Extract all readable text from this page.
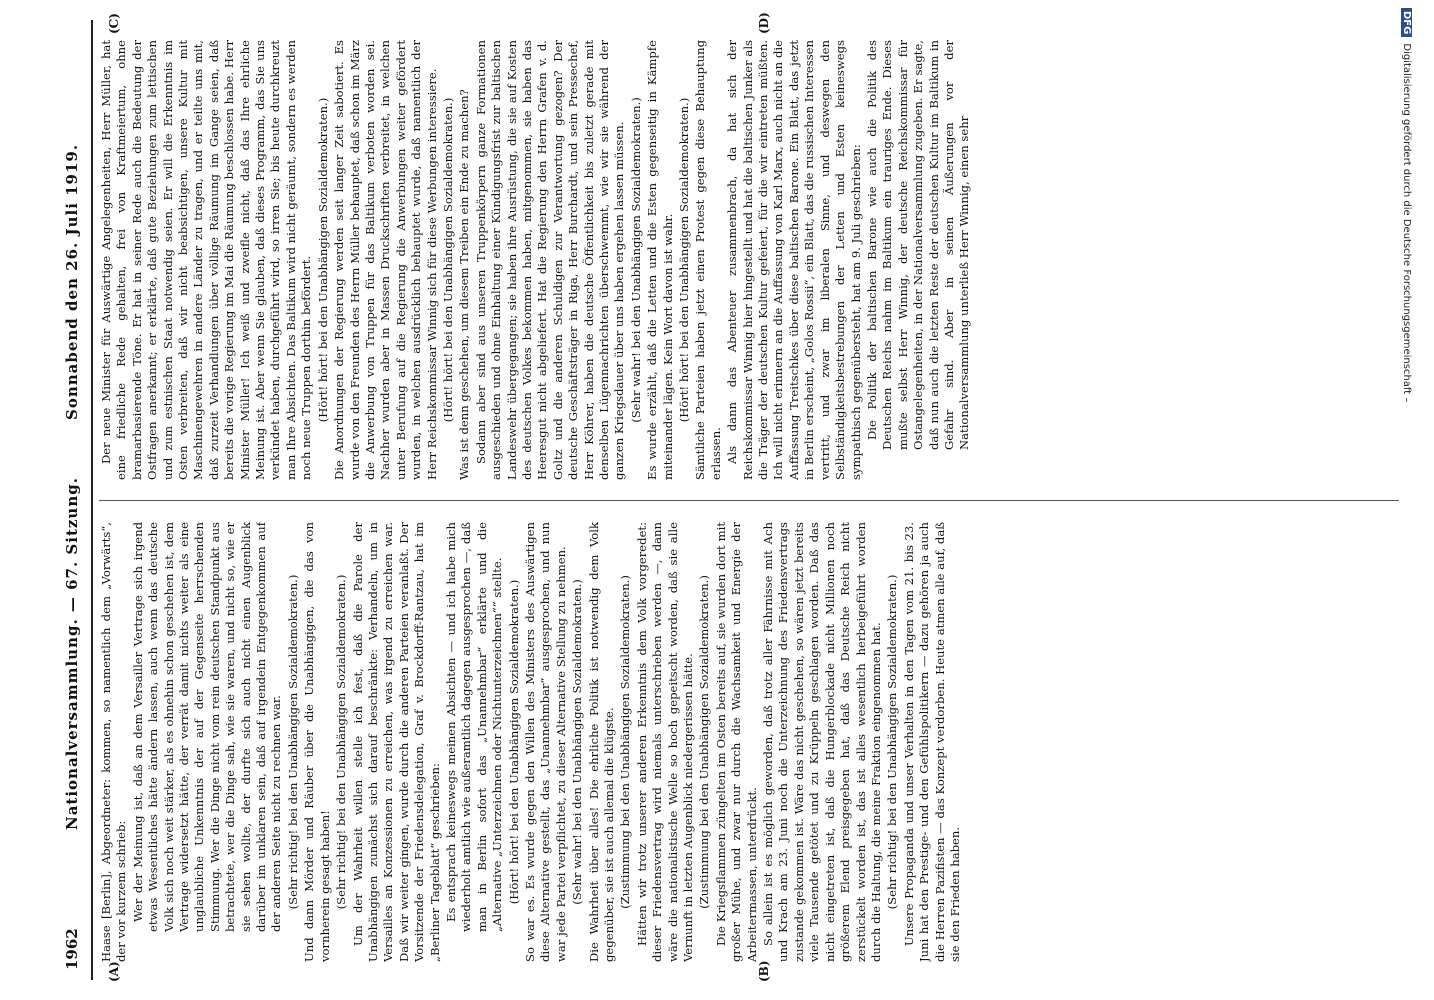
1962
Nationalversammlung. — 67. Sitzung.
Sonnabend den 26. Juli 1919.
(A)	(B)
(C)	(D)

Haase [Berlin], Abgeordneter: kommen, so namentlich dem „Vorwärts“, der vor kurzem schrieb: Wer der Meinung ist, daß an dem Versailler Vertrage sich irgend etwas Wesentliches hätte ändern lassen, auch wenn das deutsche Volk sich noch weit stärker, als es ohnehin schon geschehen ist, dem Vertrage widersetzt hätte, der verrät damit nichts weiter als eine unglaubliche Unkenntnis der auf der Gegenseite herrschenden Stimmung. Wer die Dinge nicht vom rein deutschen Standpunkt aus betrachtete, wer die Dinge sah, wie sie waren, und nicht so, wie er sie sehen wollte, der durfte sich auch nicht einen Augenblick darüber im unklaren sein, daß auf irgendein Entgegenkommen auf der anderen Seite nicht zu rechnen war. (Sehr richtig! bei den Unabhängigen Sozialdemokraten.) Und dann Mörder und Räuber über die Unabhängigen, die das von vornherein gesagt haben! (Sehr richtig! bei den Unabhängigen Sozialdemokraten.) Um der Wahrheit willen stelle ich fest, daß die Parole der Unabhängigen zunächst sich darauf beschränkte: Verhandeln, um in Versailles an Konzessionen zu erreichen, was irgend zu erreichen war. Daß wir weiter gingen, wurde durch die anderen Parteien veranlaßt. Der Vorsitzende der Friedensdelegation, Graf v. Brockdorff-Rantzau, hat im „Berliner Tageblatt“ geschrieben: Es entsprach keineswegs meinen Absichten — und ich habe mich wiederholt amtlich wie außeramtlich dagegen ausgesprochen —, daß man in Berlin sofort das „Unannehmbar“ erklärte und die „Alternative „Unterzeichnen oder Nichtunterzeichnen““ stellte. (Hört! hört! bei den Unabhängigen Sozialdemokraten.) So war es. Es wurde gegen den Willen des Ministers des Auswärtigen diese Alternative gestellt, das „Unannehmbar“ ausgesprochen, und nun war jede Partei verpflichtet, zu dieser Alternative Stellung zu nehmen. (Sehr wahr! bei den Unabhängigen Sozialdemokraten.) Die Wahrheit über alles! Die ehrliche Politik ist notwendig dem Volk gegenüber, sie ist auch allemal die klügste. (Zustimmung bei den Unabhängigen Sozialdemokraten.) Hätten wir trotz unserer anderen Erkenntnis dem Volk vorgeredet: dieser Friedensvertrag wird niemals unterschrieben werden —, dann wäre die nationalistische Welle so hoch gepeitscht worden, daß sie alle Vernunft in letzten Augenblick niedergerissen hätte. (Zustimmung bei den Unabhängigen Sozialdemokraten.) Die Kriegsflammen züngelten im Osten bereits auf, sie wurden dort mit großer Mühe, und zwar nur durch die Wachsamkeit und Energie der Arbeitermassen, unterdrückt. So allein ist es möglich geworden, daß trotz aller Fährnisse mit Ach und Krach am 23. Juni noch die Unterzeichnung des Friedensvertrags zustande gekommen ist. Wäre das nicht geschehen, so wären jetzt bereits viele Tausende getötet und zu Krüppeln geschlagen worden. Daß das nicht eingetreten ist, daß die Hungerblockade nicht Millionen noch größerem Elend preisgegeben hat, daß das Deutsche Reich nicht zerstückelt worden ist, das ist alles wesentlich herbeigeführt worden durch die Haltung, die meine Fraktion eingenommen hat. (Sehr richtig! bei den Unabhängigen Sozialdemokraten.) Unsere Propaganda und unser Verhalten in den Tagen vom 21. bis 23. Juni hat den Prestige- und den Gefühlspolitikern — dazu gehören ja auch die Herren Pazifisten — das Konzept verdorben. Heute atmen alle auf, daß sie den Frieden haben.

Der neue Minister für Auswärtige Angelegenheiten, Herr Müller, hat eine friedliche Rede gehalten, frei von Kraftmeiertum, ohne bramarbasierende Töne. Er hat in seiner Rede auch die Bedeutung der Ostfragen anerkannt; er erklärte, daß gute Beziehungen zum lettischen und zum estnischen Staat notwendig seien. Er will die Erkenntnis im Osten verbreiten, daß wir nicht beabsichtigen, unsere Kultur mit Maschinengewehren in andere Länder zu tragen, und er teilte uns mit, daß zurzeit Verhandlungen über völlige Räumung im Gange seien, daß bereits die vorige Regierung im Mai die Räumung beschlossen habe. Herr Minister Müller! Ich weiß und zweifle nicht, daß das Ihre ehrliche Meinung ist. Aber wenn Sie glauben, daß dieses Programm, das Sie uns verkündet haben, durchgeführt wird, so irren Sie; bis heute durchkreuzt man Ihre Absichten. Das Baltikum wird nicht geräumt, sondern es werden noch neue Truppen dorthin befördert. (Hört! hört! bei den Unabhängigen Sozialdemokraten.) Die Anordnungen der Regierung werden seit langer Zeit sabotiert. Es wurde von den Freunden des Herrn Müller behauptet, daß schon im März die Anwerbung von Truppen für das Baltikum verboten worden sei. Nachher wurden aber in Massen Druckschriften verbreitet, in welchen unter Berufung auf die Regierung die Anwerbungen weiter gefördert wurden, in welchen ausdrücklich behauptet wurde, daß namentlich der Herr Reichskommissar Winnig sich für diese Werbungen interessiere. (Hört! hört! bei den Unabhängigen Sozialdemokraten.) Was ist denn geschehen, um diesem Treiben ein Ende zu machen? Sodann aber sind aus unseren Truppenkörpern ganze Formationen ausgeschieden und ohne Einhaltung einer Kündigungsfrist zur baltischen Landeswehr übergegangen; sie haben ihre Ausrüstung, die sie auf Kosten des deutschen Volkes bekommen haben, mitgenommen, sie haben das Heeresgut nicht abgeliefert. Hat die Regierung den Herrn Grafen v. d. Goltz und die anderen Schuldigen zur Verantwortung gezogen? Der deutsche Geschäftsträger in Riga, Herr Burchardt, und sein Pressechef, Herr Köhrer, haben die deutsche Öffentlichkeit bis zuletzt gerade mit denselben Lügennachrichten überschwemmt, wie wir sie während der ganzen Kriegsdauer über uns haben ergehen lassen müssen. (Sehr wahr! bei den Unabhängigen Sozialdemokraten.) Es wurde erzählt, daß die Letten und die Esten gegenseitig in Kämpfe miteinander lägen. Kein Wort davon ist wahr. (Hört! hört! bei den Unabhängigen Sozialdemokraten.) Sämtliche Parteien haben jetzt einen Protest gegen diese Behauptung erlassen. Als dann das Abenteuer zusammenbrach, da hat sich der Reichskommissar Winnig hier hingestellt und hat die baltischen Junker als die Träger der deutschen Kultur gefeiert, für die wir eintreten müßten. Ich will nicht erinnern an die Auffassung von Karl Marx, auch nicht an die Auffassung Treitschkes über diese baltischen Barone. Ein Blatt, das jetzt in Berlin erscheint, „Golos Rossii“, ein Blatt, das die russischen Interessen vertritt, und zwar im liberalen Sinne, und deswegen den Selbständigkeitsbestrebungen der Letten und Esten keineswegs sympathisch gegenübersteht, hat am 9. Juli geschrieben: Die Politik der baltischen Barone wie auch die Politik des Deutschen Reichs nahm im Baltikum ein trauriges Ende. Dieses mußte selbst Herr Winnig, der deutsche Reichskommissar für Ostangelegenheiten, in der Nationalversammlung zugeben. Er sagte, daß nun auch die letzten Reste der deutschen Kultur im Baltikum in Gefahr sind. Aber in seinen Äußerungen vor der Nationalversammlung unterließ Herr Winnig, einen sehr

DFGDigitalisierung gefördert durch die Deutsche Forschungsgemeinschaft –
